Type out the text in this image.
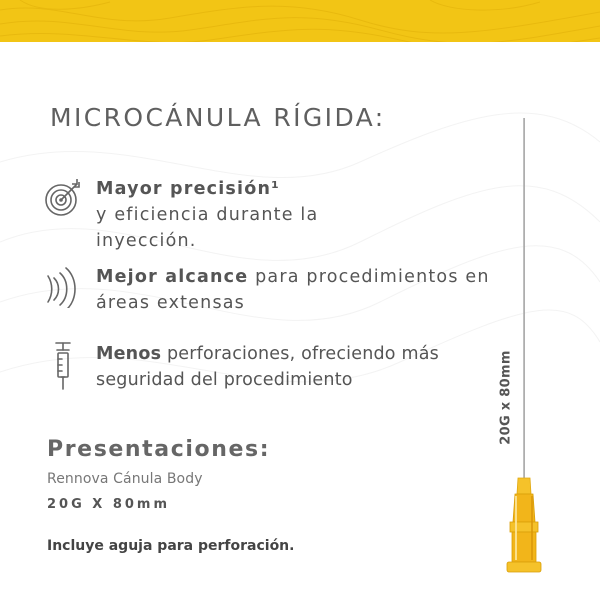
MICROCÁNULA RÍGIDA:
Mayor precisión¹
y eficiencia durante la inyección.
Mejor alcance para procedimientos en áreas extensas
Menos perforaciones, ofreciendo más seguridad del procedimiento
Presentaciones:
Rennova Cánula Body
20G X 80mm
Incluye aguja para perforación.
20G x 80mm
